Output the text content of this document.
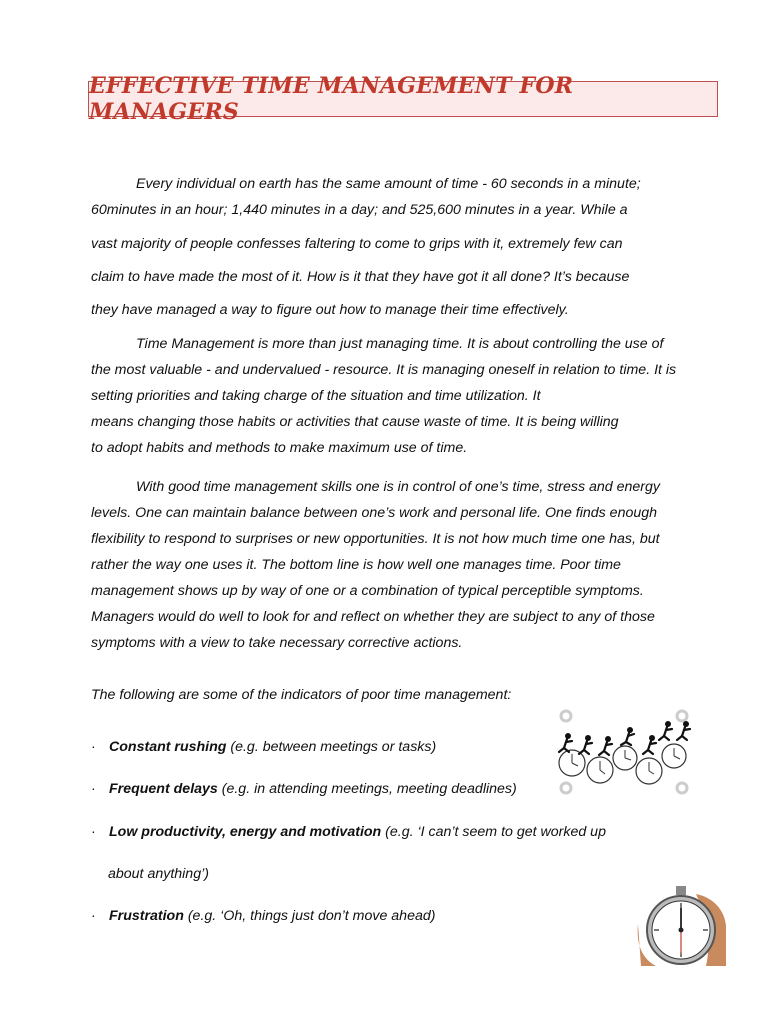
EFFECTIVE TIME MANAGEMENT FOR MANAGERS
Every individual on earth has the same amount of time - 60 seconds in a minute;
60minutes in an hour; 1,440 minutes in a day; and 525,600 minutes in a year. While a
vast majority of people confesses faltering to come to grips with it, extremely few can
claim to have made the most of it. How is it that they have got it all done? It’s because
they have managed a way to figure out how to manage their time effectively.
Time Management is more than just managing time. It is about controlling the use of
the most valuable - and undervalued - resource. It is managing oneself in relation to time. It is
setting priorities and taking charge of the situation and time utilization. It
means changing those habits or activities that cause waste of time. It is being willing
to adopt habits and methods to make maximum use of time.
With good time management skills one is in control of one’s time, stress and energy
levels. One can maintain balance between one’s work and personal life. One finds enough
flexibility to respond to surprises or new opportunities. It is not how much time one has, but
rather the way one uses it. The bottom line is how well one manages time. Poor time
management shows up by way of one or a combination of typical perceptible symptoms.
Managers would do well to look for and reflect on whether they are subject to any of those
symptoms with a view to take necessary corrective actions.
The following are some of the indicators of poor time management:
· Constant rushing (e.g. between meetings or tasks)
· Frequent delays (e.g. in attending meetings, meeting deadlines)
· Low productivity, energy and motivation (e.g. ‘I can’t seem to get worked up
about anything’)
· Frustration (e.g. ‘Oh, things just don’t move ahead)
